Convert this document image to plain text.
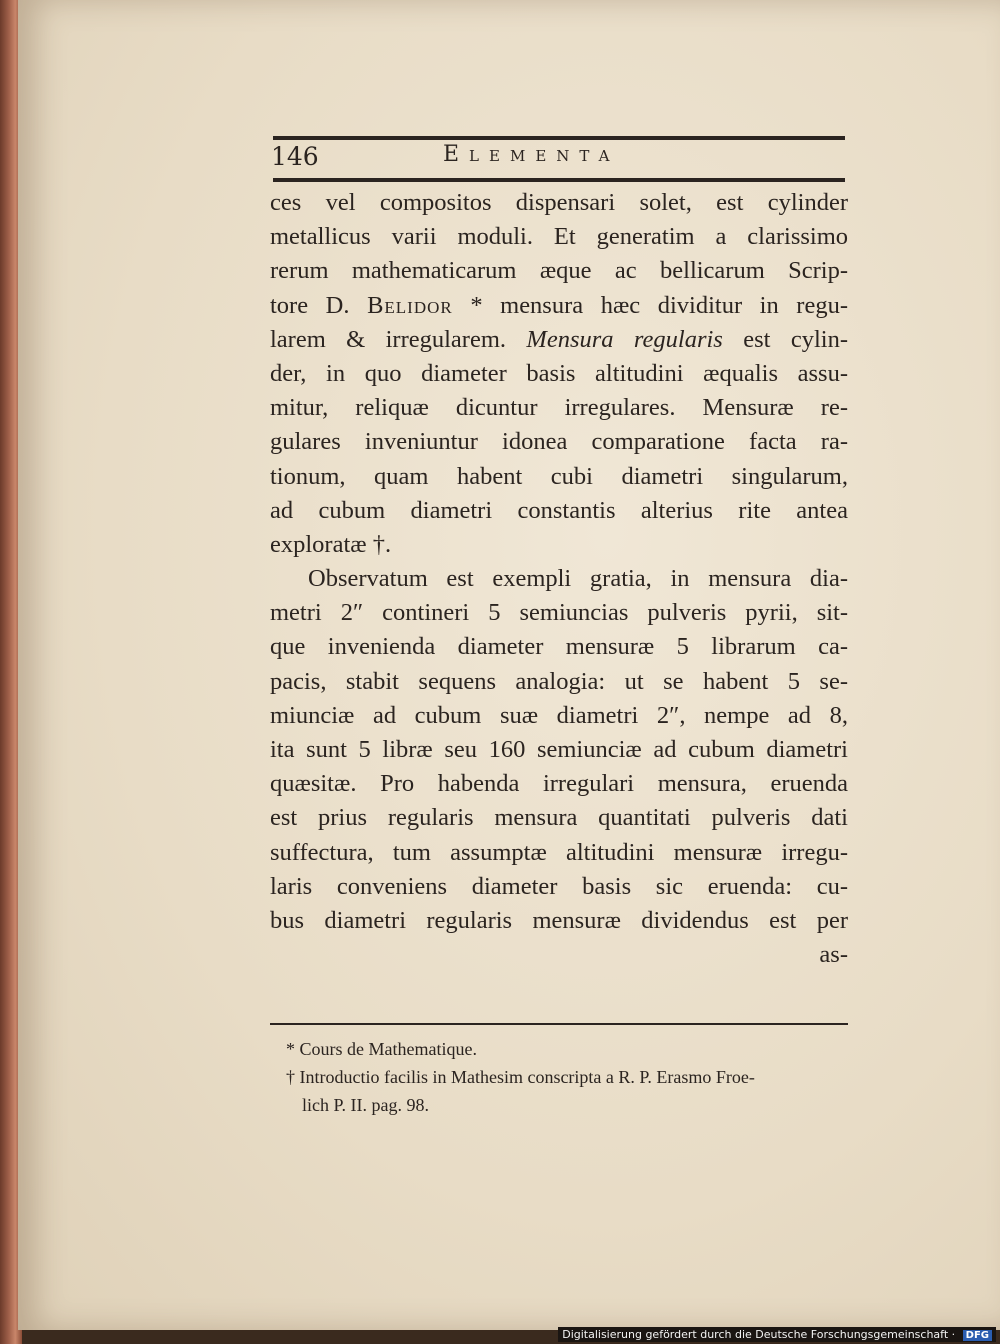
146	Elementa
ces vel compositos dispensari solet, est cylinder
metallicus varii moduli. Et generatim a clarissimo
rerum mathematicarum æque ac bellicarum Scrip-
tore D. Belidor * mensura hæc dividitur in regu-
larem & irregularem. Mensura regularis est cylin-
der, in quo diameter basis altitudini æqualis assu-
mitur, reliquæ dicuntur irregulares. Mensuræ re-
gulares inveniuntur idonea comparatione facta ra-
tionum, quam habent cubi diametri singularum,
ad cubum diametri constantis alterius rite antea
exploratæ †.
Observatum est exempli gratia, in mensura dia-
metri 2″ contineri 5 semiuncias pulveris pyrii, sit-
que invenienda diameter mensuræ 5 librarum ca-
pacis, stabit sequens analogia: ut se habent 5 se-
miunciæ ad cubum suæ diametri 2″, nempe ad 8,
ita sunt 5 libræ seu 160 semiunciæ ad cubum diametri
quæsitæ. Pro habenda irregulari mensura, eruenda
est prius regularis mensura quantitati pulveris dati
suffectura, tum assumptæ altitudini mensuræ irregu-
laris conveniens diameter basis sic eruenda: cu-
bus diametri regularis mensuræ dividendus est per
as-
* Cours de Mathematique.
† Introductio facilis in Mathesim conscripta a R. P. Erasmo Froe-
lich P. II. pag. 98.
Digitalisierung gefördert durch die Deutsche Forschungsgemeinschaft · DFG
